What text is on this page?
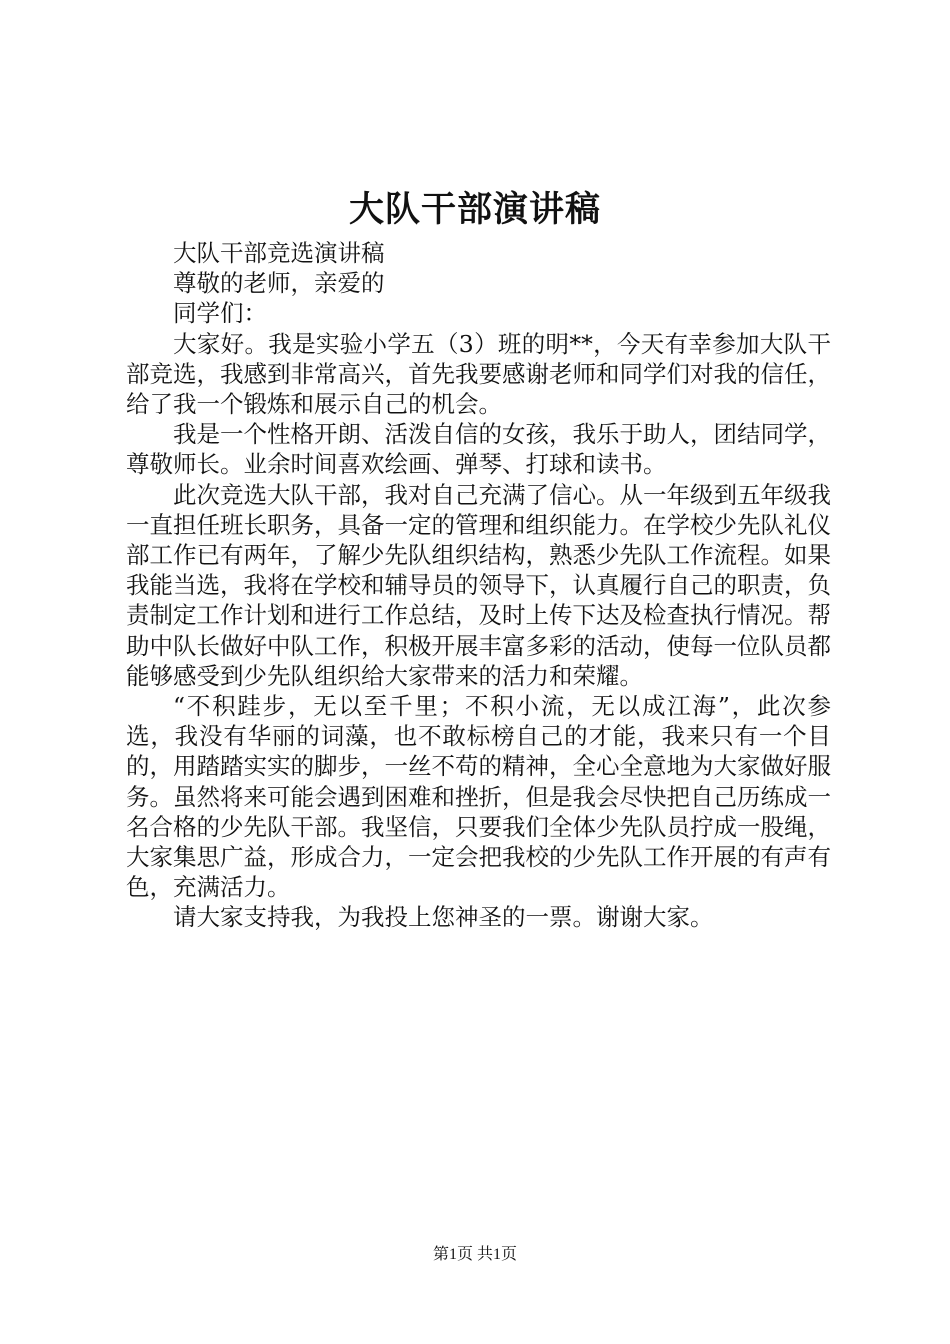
大队干部演讲稿

大队干部竞选演讲稿

尊敬的老师，亲爱的

同学们：

大家好。我是实验小学五（3）班的明**，今天有幸参加大队干部竞选，我感到非常高兴，首先我要感谢老师和同学们对我的信任，给了我一个锻炼和展示自己的机会。

我是一个性格开朗、活泼自信的女孩，我乐于助人，团结同学，尊敬师长。业余时间喜欢绘画、弹琴、打球和读书。

此次竞选大队干部，我对自己充满了信心。从一年级到五年级我一直担任班长职务，具备一定的管理和组织能力。在学校少先队礼仪部工作已有两年，了解少先队组织结构，熟悉少先队工作流程。如果我能当选，我将在学校和辅导员的领导下，认真履行自己的职责，负责制定工作计划和进行工作总结，及时上传下达及检查执行情况。帮助中队长做好中队工作，积极开展丰富多彩的活动，使每一位队员都能够感受到少先队组织给大家带来的活力和荣耀。

“不积跬步，无以至千里；不积小流，无以成江海”，此次参选，我没有华丽的词藻，也不敢标榜自己的才能，我来只有一个目的，用踏踏实实的脚步，一丝不苟的精神，全心全意地为大家做好服务。虽然将来可能会遇到困难和挫折，但是我会尽快把自己历练成一名合格的少先队干部。我坚信，只要我们全体少先队员拧成一股绳，大家集思广益，形成合力，一定会把我校的少先队工作开展的有声有色，充满活力。

请大家支持我，为我投上您神圣的一票。谢谢大家。

第1页 共1页
